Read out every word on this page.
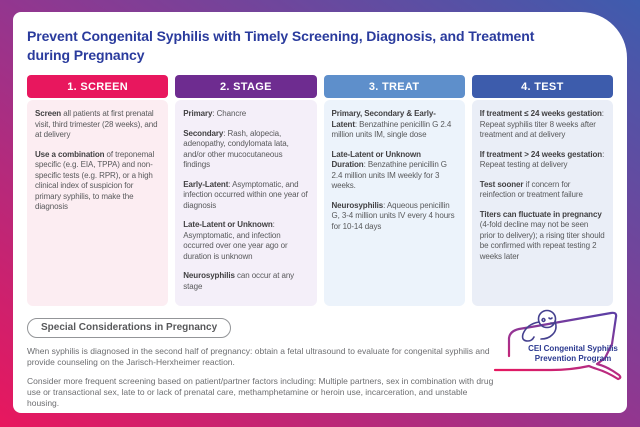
Prevent Congenital Syphilis with Timely Screening, Diagnosis, and Treatment
during Pregnancy
1. SCREEN

Screen all patients at first prenatal visit, third trimester (28 weeks), and at delivery

Use a combination of treponemal specific (e.g. EIA, TPPA) and non-specific tests (e.g. RPR), or a high clinical index of suspicion for primary syphilis, to make the diagnosis

2. STAGE

Primary: Chancre

Secondary: Rash, alopecia, adenopathy, condylomata lata, and/or other mucocutaneous findings

Early-Latent: Asymptomatic, and infection occurred within one year of diagnosis

Late-Latent or Unknown: Asymptomatic, and infection occurred over one year ago or duration is unknown

Neurosyphilis can occur at any stage

3. TREAT

Primary, Secondary & Early-Latent: Benzathine penicillin G 2.4 million units IM, single dose

Late-Latent or Unknown Duration: Benzathine penicillin G 2.4 million units IM weekly for 3 weeks.

Neurosyphilis: Aqueous penicillin G, 3-4 million units IV every 4 hours for 10-14 days

4. TEST

If treatment ≤ 24 weeks gestation: Repeat syphilis titer 8 weeks after treatment and at delivery

If treatment > 24 weeks gestation: Repeat testing at delivery

Test sooner if concern for reinfection or treatment failure

Titers can fluctuate in pregnancy (4-fold decline may not be seen prior to delivery); a rising titer should be confirmed with repeat testing 2 weeks later

Special Considerations in Pregnancy

When syphilis is diagnosed in the second half of pregnancy: obtain a fetal ultrasound to evaluate for congenital syphilis and provide counseling on the Jarisch-Herxheimer reaction.

Consider more frequent screening based on patient/partner factors including: Multiple partners, sex in combination with drug use or transactional sex, late to or lack of prenatal care, methamphetamine or heroin use, incarceration, and unstable housing.

CEI Congenital Syphilis
Prevention Program
